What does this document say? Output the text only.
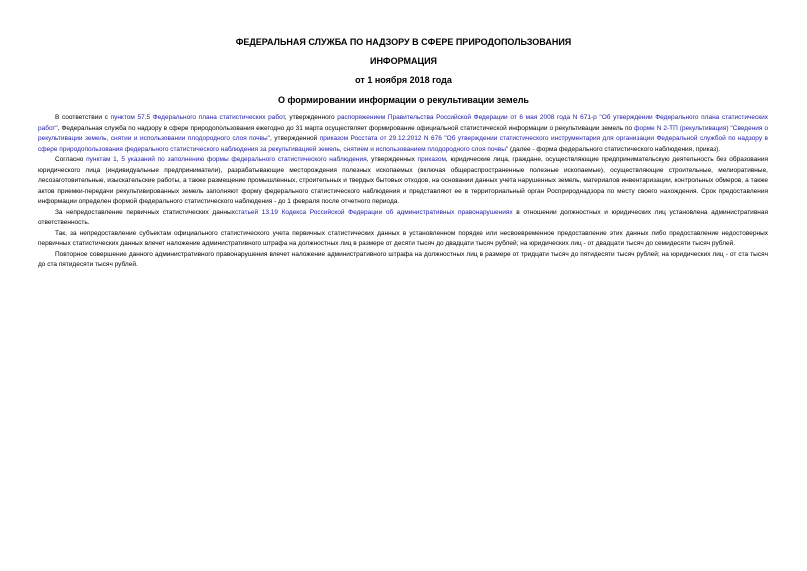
ФЕДЕРАЛЬНАЯ СЛУЖБА ПО НАДЗОРУ В СФЕРЕ ПРИРОДОПОЛЬЗОВАНИЯ
ИНФОРМАЦИЯ
от 1 ноября 2018 года
О формировании информации о рекультивации земель

В соответствии с пунктом 57.5 Федерального плана статистических работ, утвержденного распоряжением Правительства Российской Федерации от 6 мая 2008 года N 671-р "Об утверждении Федерального плана статистических работ", Федеральная служба по надзору в сфере природопользования ежегодно до 31 марта осуществляет формирование официальной статистической информации о рекультивации земель по форме N 2-ТП (рекультивация) "Сведения о рекультивации земель, снятии и использовании плодородного слоя почвы", утвержденной приказом Росстата от 29.12.2012 N 676 "Об утверждении статистического инструментария для организации Федеральной службой по надзору в сфере природопользования федерального статистического наблюдения за рекультивацией земель, снятием и использованием плодородного слоя почвы" (далее - форма федерального статистического наблюдения, приказ).

Согласно пунктам 1, 5 указаний по заполнению формы федерального статистического наблюдения, утвержденных приказом, юридические лица, граждане, осуществляющие предпринимательскую деятельность без образования юридического лица (индивидуальные предприниматели), разрабатывающие месторождения полезных ископаемых (включая общераспространенные полезные ископаемые), осуществляющие строительные, мелиоративные, лесозаготовительные, изыскательские работы, а также размещение промышленных, строительных и твердых бытовых отходов, на основании данных учета нарушенных земель, материалов инвентаризации, контрольных обмеров, а также актов приемки-передачи рекультивированных земель заполняют форму федерального статистического наблюдения и представляют ее в территориальный орган Росприроднадзора по месту своего нахождения. Срок предоставления информации определен формой федерального статистического наблюдения - до 1 февраля после отчетного периода.

За непредоставление первичных статистических данныхстатьей 13.19 Кодекса Российской Федерации об административных правонарушениях в отношении должностных и юридических лиц установлена административная ответственность.

Так, за непредоставление субъектам официального статистического учета первичных статистических данных в установленном порядке или несвоевременное предоставление этих данных либо предоставление недостоверных первичных статистических данных влечет наложение административного штрафа на должностных лиц в размере от десяти тысяч до двадцати тысяч рублей; на юридических лиц - от двадцати тысяч до семидесяти тысяч рублей.

Повторное совершение данного административного правонарушения влечет наложение административного штрафа на должностных лиц в размере от тридцати тысяч до пятидесяти тысяч рублей; на юридических лиц - от ста тысяч до ста пятидесяти тысяч рублей.
